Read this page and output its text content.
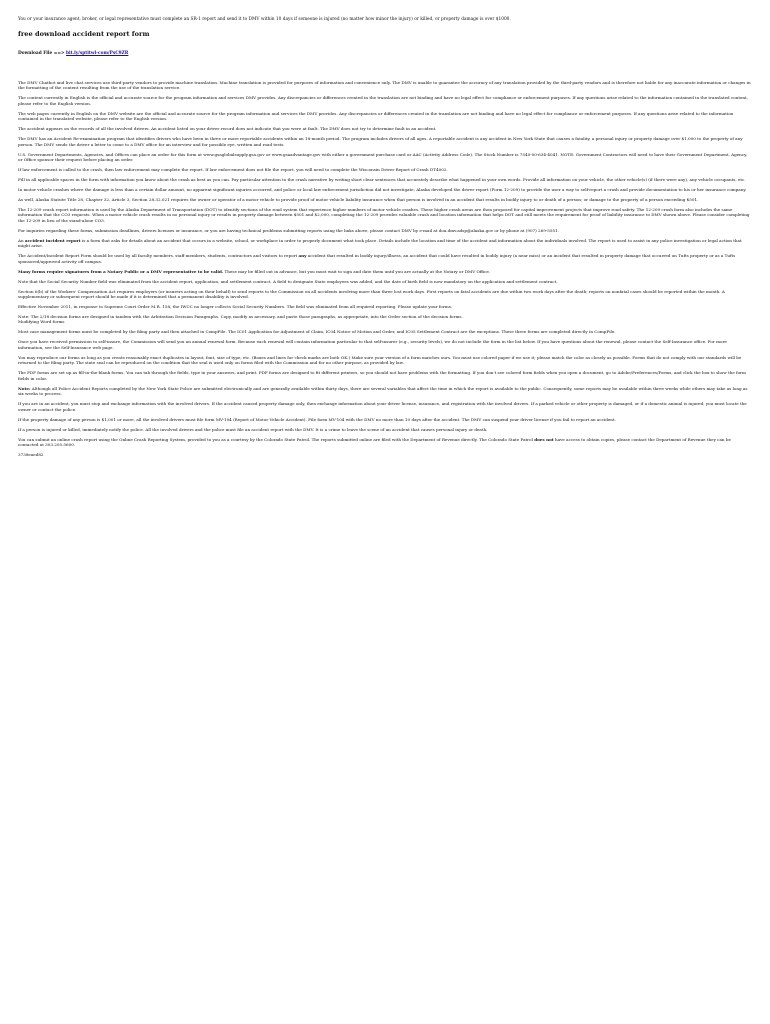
You or your insurance agent, broker, or legal representative must complete an SR-1 report and send it to DMV within 10 days if someone is injured (no matter how minor the injury) or killed, or property damage is over $1000.

free download accident report form

Download File ==> bit.ly/sptitwl-com/PsC9ZR

The DMV Chatbot and live chat services use third-party vendors to provide machine translation. Machine translation is provided for purposes of information and convenience only. The DMV is unable to guarantee the accuracy of any translation provided by the third-party vendors and is therefore not liable for any inaccurate information or changes in the formatting of the content resulting from the use of the translation service.

The content currently in English is the official and accurate source for the program information and services DMV provides. Any discrepancies or differences created in the translation are not binding and have no legal effect for compliance or enforcement purposes. If any questions arise related to the information contained in the translated content, please refer to the English version.

The web pages currently in English on the DMV website are the official and accurate source for the program information and services the DMV provides. Any discrepancies or differences created in the translation are not binding and have no legal effect for compliance or enforcement purposes. If any questions arise related to the information contained in the translated website, please refer to the English version.

The accident appears on the records of all the involved drivers. An accident listed on your driver record does not indicate that you were at fault. The DMV does not try to determine fault in an accident.

The DMV has an Accident Re-examination program that identifies drivers who have been in three or more reportable accidents within an 18-month period. The program includes drivers of all ages. A reportable accident is any accident in New York State that causes a fatality, a personal injury or property damage over $1,000 to the property of any person. The DMV sends the driver a letter to come to a DMV office for an interview and for possible eye, written and road tests.

U.S. Government Departments, Agencies, and Offices can place an order for this form at www.gsaglobalsupply.gsa.gov or www.gsaadvantage.gov with either a government purchase card or AAC (Activity Address Code). The Stock Number is 7540-00-634-4041. NOTE: Government Contractors will need to have their Government Department, Agency, or Office sponsor their request before placing an order.

If law enforcement is called to the crash, then law enforcement may complete the report. If law enforcement does not file the report, you will need to complete the Wisconsin Driver Report of Crash DT4002.

Fill in all applicable spaces in the form with information you know about the crash as best as you can. Pay particular attention to the crash narrative by writing short clear sentences that accurately describe what happened in your own words. Provide all information on your vehicle, the other vehicle(s) (if there were any), any vehicle occupants, etc.

In motor vehicle crashes where the damage is less than a certain dollar amount, no apparent significant injuries occurred, and police or local law enforcement jurisdiction did not investigate, Alaska developed the driver report (Form 12-209) to provide the user a way to self-report a crash and provide documentation to his or her insurance company.

As well, Alaska Statute Title 28, Chapter 32, Article 3, Section 28.32.021 requires the owner or operator of a motor vehicle to provide proof of motor vehicle liability insurance when that person is involved in an accident that results in bodily injury to or death of a person; or damage to the property of a person exceeding $501.

The 12-209 crash report information is used by the Alaska Department of Transportation (DOT) to identify sections of the road system that experience higher numbers of motor vehicle crashes. These higher crash areas are then proposed for capital improvement projects that improve road safety. The 12-209 crash form also includes the same information that the CO3 requests. When a motor vehicle crash results in no personal injury or results in property damage between $501 and $2,000, completing the 12-209 provides valuable crash and location information that helps DOT and still meets the requirement for proof of liability insurance to DMV shown above. Please consider completing the 12-209 in lieu of the stand-alone CO3.

For inquiries regarding these forms, submission deadlines, drivers licenses or insurance, or you are having technical problems submitting reports using the links above, please contact DMV by e-mail at doa.dmv.adsp@alaska.gov or by phone at (907) 269-5551.

An accident incident report is a form that asks for details about an accident that occurs in a website, school, or workplace in order to properly document what took place. Details include the location and time of the accident and information about the individuals involved. The report is used to assist in any police investigation or legal action that might arise.

The Accident/Incident Report Form should be used by all faculty members, staff members, students, contractors and visitors to report any accident that resulted in bodily injury/illness, an accident that could have resulted in bodily injury (a near miss) or an incident that resulted in property damage that occurred on Tufts property or as a Tufts sponsored/approved activity off campus.

Many forms require signatures from a Notary Public or a DMV representative to be valid. These may be filled out in advance, but you must wait to sign and date them until you are actually at the Notary or DMV Office.

Note that the Social Security Number field was eliminated from the accident report, application, and settlement contract. A field to designate State employees was added, and the date of birth field is now mandatory on the application and settlement contract.

Section 6(b) of the Workers' Compensation Act requires employers (or insurers acting on their behalf) to send reports to the Commission on all accidents involving more than three lost work days. First reports on fatal accidents are due within two work days after the death; reports on nonfatal cases should be reported within the month. A supplementary or subsequent report should be made if it is determined that a permanent disability is involved.

Effective November 2011, in response to Supreme Court Order M.R. 158, the IWCC no longer collects Social Security Numbers. The field was eliminated from all required reporting. Please update your forms.

Note: The 2/18 decision forms are designed in tandem with the Arbitration Decision Paragraphs. Copy, modify as necessary, and paste those paragraphs, as appropriate, into the Order section of the decision forms.
Modifying Word forms

Most case management forms must be completed by the filing party and then attached in CompFile. The IC01 Application for Adjustment of Claim, IC04 Notice of Motion and Order, and IC05 Settlement Contract are the exceptions. These three forms are completed directly in CompFile.

Once you have received permission to self-insure, the Commission will send you an annual renewal form. Because each renewal will contain information particular to that self-insurer (e.g., security levels), we do not include the form in the list below. If you have questions about the renewal, please contact the Self-Insurance office. For more information, see the Self-Insurance web page.

You may reproduce our forms as long as you create reasonably exact duplicates in layout, font, size of type, etc. (Boxes and lines for check marks are both OK.) Make sure your version of a form matches ours. You must use colored paper if we use it; please match the color as closely as possible. Forms that do not comply with our standards will be returned to the filing party. The state seal can be reproduced on the condition that the seal is used only on forms filed with the Commission and for no other purpose, as provided by law.

The PDF forms are set up as fill-in-the-blank forms. You can tab through the fields, type in your answers, and print. PDF forms are designed to fit different printers, so you should not have problems with the formatting. If you don't see colored form fields when you open a document, go to Adobe/Preferences/Forms, and click the box to show the form fields in color.

Note: Although all Police Accident Reports completed by the New York State Police are submitted electronically and are generally available within thirty days, there are several variables that affect the time in which the report is available to the public. Consequently, some reports may be available within three weeks while others may take as long as six weeks to process.

If you are in an accident, you must stop and exchange information with the involved drivers. If the accident caused property damage only, then exchange information about your driver license, insurance, and registration with the involved drivers. If a parked vehicle or other property is damaged, or if a domestic animal is injured, you must locate the owner or contact the police.

If the property damage of any person is $1,001 or more, all the involved drivers must file form MV-104 (Report of Motor Vehicle Accident). File form MV-104 with the DMV no more than 10 days after the accident. The DMV can suspend your driver license if you fail to report an accident.

If a person is injured or killed, immediately notify the police. All the involved drivers and the police must file an accident report with the DMV. It is a crime to leave the scene of an accident that causes personal injury or death.

You can submit an online crash report using the Online Crash Reporting System, provided to you as a courtesy by the Colorado State Patrol. The reports submitted online are filed with the Department of Revenue directly. The Colorado State Patrol does not have access to obtain copies, please contact the Department of Revenue they can be contacted at 303.205.5600.

3738eaed82
